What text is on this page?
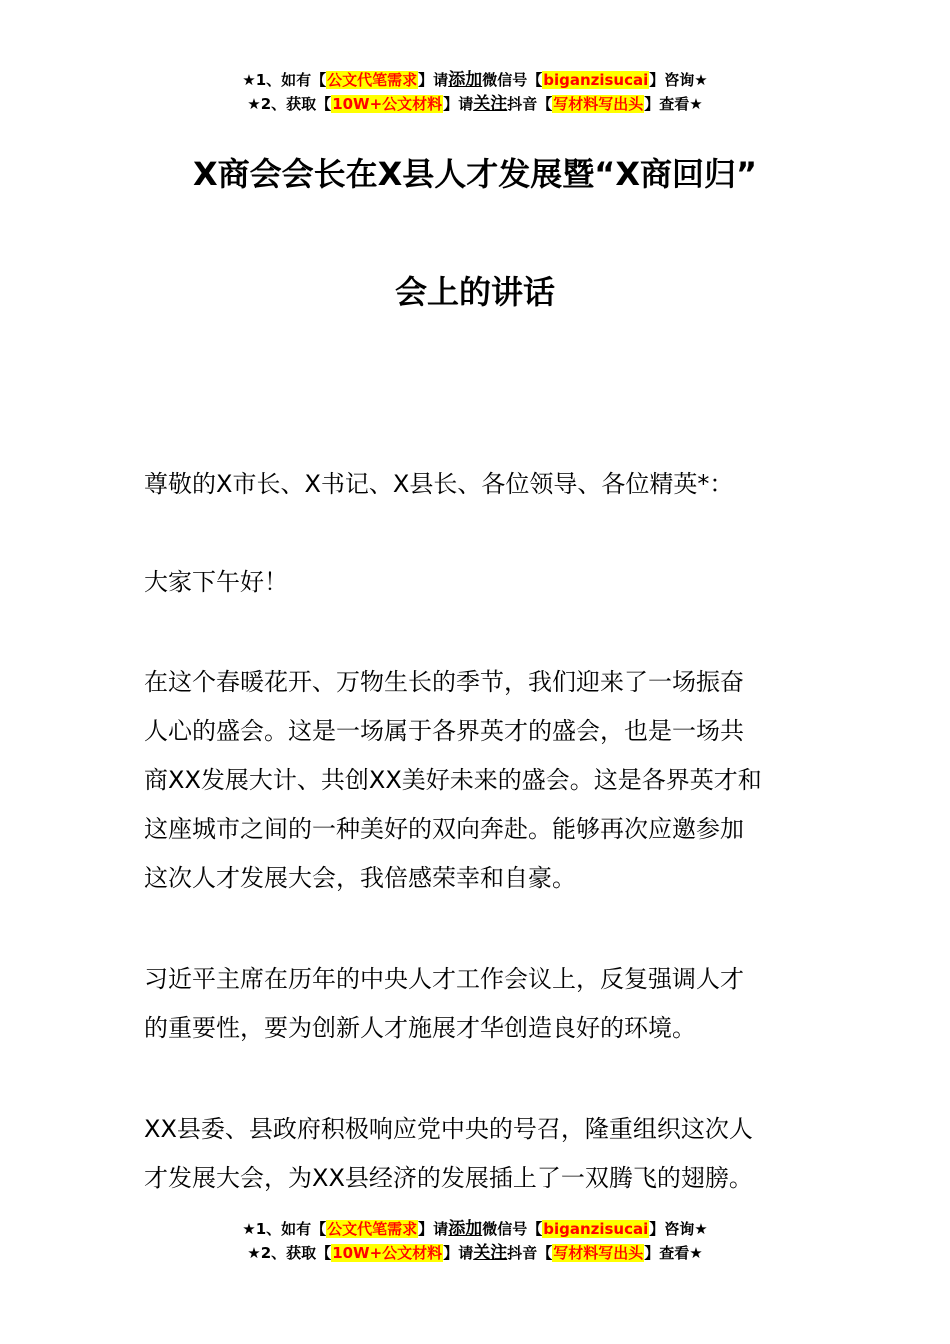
★1、如有【公文代笔需求】请添加微信号【biganzisucai】咨询★
★2、获取【10W+公文材料】请关注抖音【写材料写出头】查看★
X商会会长在X县人才发展暨“X商回归”
会上的讲话

尊敬的X市长、X书记、X县长、各位领导、各位精英*：

大家下午好！

在这个春暖花开、万物生长的季节，我们迎来了一场振奋
人心的盛会。这是一场属于各界英才的盛会，也是一场共
商XX发展大计、共创XX美好未来的盛会。这是各界英才和
这座城市之间的一种美好的双向奔赴。能够再次应邀参加
这次人才发展大会，我倍感荣幸和自豪。

习近平主席在历年的中央人才工作会议上，反复强调人才
的重要性，要为创新人才施展才华创造良好的环境。

XX县委、县政府积极响应党中央的号召，隆重组织这次人
才发展大会，为XX县经济的发展插上了一双腾飞的翅膀。

★1、如有【公文代笔需求】请添加微信号【biganzisucai】咨询★
★2、获取【10W+公文材料】请关注抖音【写材料写出头】查看★
